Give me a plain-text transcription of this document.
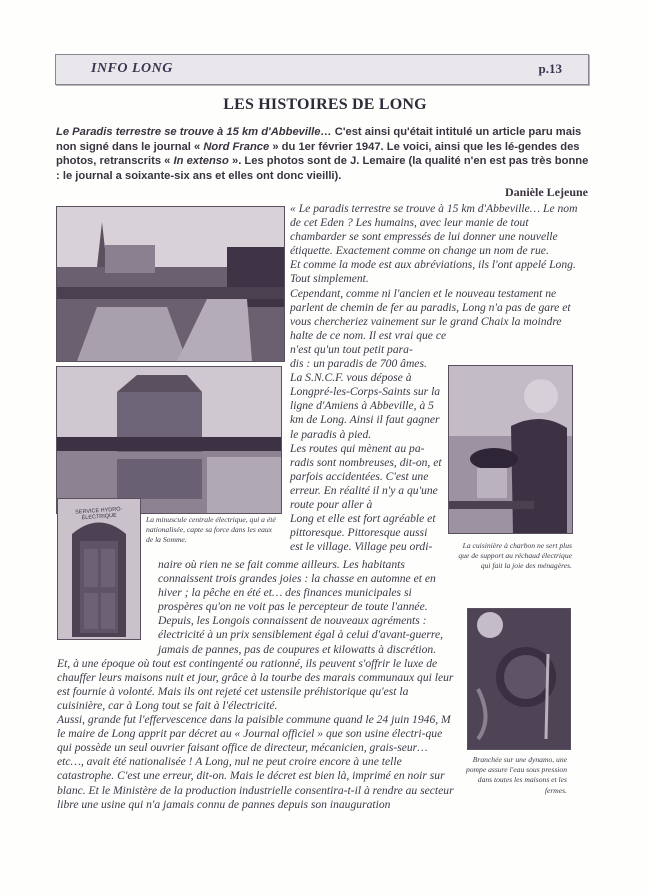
INFO LONG	p.13
LES HISTOIRES DE LONG
Le Paradis terrestre se trouve à 15 km d'Abbeville… C'est ainsi qu'était intitulé un article paru mais non signé dans le journal « Nord France » du 1er février 1947. Le voici, ainsi que les lé-gendes des photos, retranscrits « In extenso ». Les photos sont de J. Lemaire (la qualité n'en est pas très bonne : le journal a soixante-six ans et elles ont donc vieilli).
Danièle Lejeune
SERVICE HYDRO-ÉLECTRIQUE	La minuscule centrale électrique, qui a été nationalisée, capte sa force dans les eaux de la Somme.
La cuisinière à charbon ne sert plus que de support au réchaud électrique qui fait la joie des ménagères.
Branchée sur une dynamo, une pompe assure l'eau sous pression dans toutes les maisons et les fermes.

« Le paradis terrestre se trouve à 15 km d'Abbeville… Le nom de cet Eden ? Les humains, avec leur manie de tout chambarder se sont empressés de lui donner une nouvelle étiquette. Exactement comme on change un nom de rue.

Et comme la mode est aux abréviations, ils l'ont appelé Long. Tout simplement.

Cependant, comme ni l'ancien et le nouveau testament ne parlent de chemin de fer au paradis, Long n'a pas de gare et vous chercheriez vainement sur le grand Chaix la moindre halte de ce nom. Il est vrai que ce

n'est qu'un tout petit para-

dis : un paradis de 700 âmes.

La S.N.C.F. vous dépose à Longpré-les-Corps-Saints sur la ligne d'Amiens à Abbeville, à 5 km de Long. Ainsi il faut gagner le paradis à pied.

Les routes qui mènent au pa-radis sont nombreuses, dit-on, et parfois accidentées. C'est une erreur. En réalité il n'y a qu'une route pour aller à

Long et elle est fort agréable et pittoresque. Pittoresque aussi est le village. Village peu ordi-

naire où rien ne se fait comme ailleurs. Les habitants connaissent trois grandes joies : la chasse en automne et en hiver ; la pêche en été et… des finances municipales si prospères qu'on ne voit pas le percepteur de toute l'année.

Depuis, les Longois connaissent de nouveaux agréments : électricité à un prix sensiblement égal à celui d'avant-guerre, jamais de pannes, pas de coupures et kilowatts à discrétion.

Et, à une époque où tout est contingenté ou rationné, ils peuvent s'offrir le luxe de chauffer leurs maisons nuit et jour, grâce à la tourbe des marais communaux qui leur est fournie à volonté. Mais ils ont rejeté cet ustensile préhistorique qu'est la cuisinière, car à Long tout se fait à l'électricité.

Aussi, grande fut l'effervescence dans la paisible commune quand le 24 juin 1946, M le maire de Long apprit par décret au « Journal officiel » que son usine électri-que qui possède un seul ouvrier faisant office de directeur, mécanicien, grais-seur… etc…, avait été nationalisée ! A Long, nul ne peut croire encore à une telle catastrophe. C'est une erreur, dit-on. Mais le décret est bien là, imprimé en noir sur blanc. Et le Ministère de la production industrielle consentira-t-il à rendre au secteur libre une usine qui n'a jamais connu de pannes depuis son inauguration
